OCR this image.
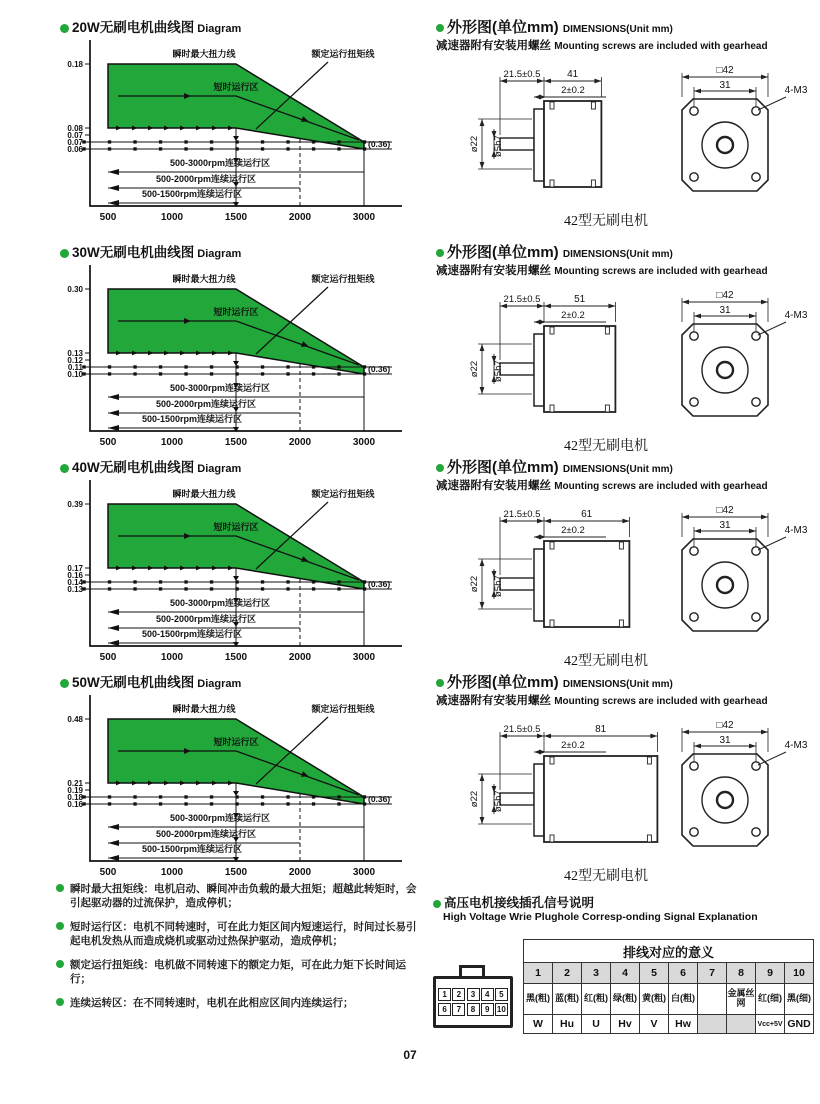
20W无刷电机曲线图 Diagram
500-3000rpm连续运行区
500-2000rpm连续运行区
500-1500rpm连续运行区
瞬时最大扭力线
短时运行区
额定运行扭矩线
0.18
0.08
0.07
0.07
0.06
500	1000	1500	2000	3000
(0.36)
外形图(单位mm) DIMENSIONS(Unit mm)
减速器附有安装用螺丝 Mounting screws are included with gearhead
21.5±0.5	41
2±0.2
ø22 ø5h7
□42
31	4-M3
42型无刷电机
30W无刷电机曲线图 Diagram
500-3000rpm连续运行区
500-2000rpm连续运行区
500-1500rpm连续运行区
瞬时最大扭力线
短时运行区
额定运行扭矩线
0.30
0.13
0.12
0.11
0.10
500	1000	1500	2000	3000
(0.36)
外形图(单位mm) DIMENSIONS(Unit mm)
减速器附有安装用螺丝 Mounting screws are included with gearhead
21.5±0.5	51
2±0.2
ø22 ø5h7
□42
31	4-M3
42型无刷电机
40W无刷电机曲线图 Diagram
500-3000rpm连续运行区
500-2000rpm连续运行区
500-1500rpm连续运行区
瞬时最大扭力线
短时运行区
额定运行扭矩线
0.39
0.17
0.16
0.14
0.13
500	1000	1500	2000	3000
(0.36)
外形图(单位mm) DIMENSIONS(Unit mm)
减速器附有安装用螺丝 Mounting screws are included with gearhead
21.5±0.5	61
2±0.2
ø22 ø5h7
□42
31	4-M3
42型无刷电机
50W无刷电机曲线图 Diagram
500-3000rpm连续运行区
500-2000rpm连续运行区
500-1500rpm连续运行区
瞬时最大扭力线
短时运行区
额定运行扭矩线
0.48
0.21
0.19
0.18
0.16
500	1000	1500	2000	3000
(0.36)
外形图(单位mm) DIMENSIONS(Unit mm)
减速器附有安装用螺丝 Mounting screws are included with gearhead
21.5±0.5	81
2±0.2
ø22 ø5h7
□42
31	4-M3
42型无刷电机
瞬时最大扭矩线：电机启动、瞬间冲击负载的最大扭矩；超越此转矩时，会引起驱动器的过流保护，造成停机；
短时运行区：电机不同转速时，可在此力矩区间内短速运行，时间过长易引起电机发热从而造成烧机或驱动过热保护驱动，造成停机；
额定运行扭矩线：电机做不同转速下的额定力矩，可在此力矩下长时间运行；
连续运转区：在不同转速时，电机在此相应区间内连续运行；
高压电机接线插孔信号说明
High Voltage Wrie Plughole Corresp-onding Signal Explanation
1	2	3	4	5
6	7	8	9 10
排线对应的意义									
1	2	3	4	5	6	7	8	9	10
黑(粗)	蓝(粗)	红(粗)	绿(粗)	黄(粗)	白(粗)		金属丝网	红(细)	黑(细)
W	Hu	U	Hv	V	Hw			Vcc+5V	GND
07
